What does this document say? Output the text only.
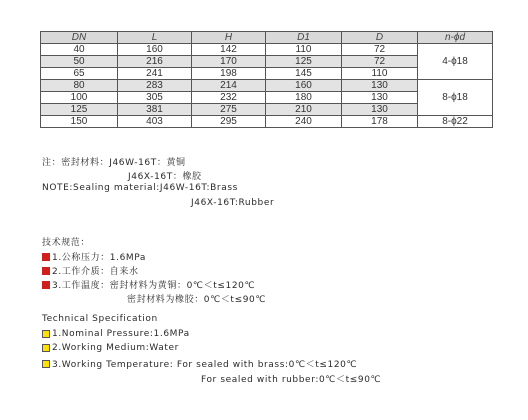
DN	L	H	D1	D	n-ϕd
40	160	142	110	72	4-ϕ18
50	216	170	125	72	
65	241	198	145	110	
80	283	214	160	130	8-ϕ18
100	305	232	180	130	
125	381	275	210	130	
150	403	295	240	178	8-ϕ22
注：密封材料：J46W-16T：黄铜
J46X-16T：橡胶
NOTE:Sealing material:J46W-16T:Brass
J46X-16T:Rubber
技术规范：
1.公称压力：1.6MPa
2.工作介质：自来水
3.工作温度：密封材料为黄铜：0℃＜t≤120℃
密封材料为橡胶：0℃＜t≤90℃
Technical Specification
1.Nominal Pressure:1.6MPa
2.Working Medium:Water
3.Working Temperature: For sealed with brass:0℃＜t≤120℃
For sealed with rubber:0℃＜t≤90℃
